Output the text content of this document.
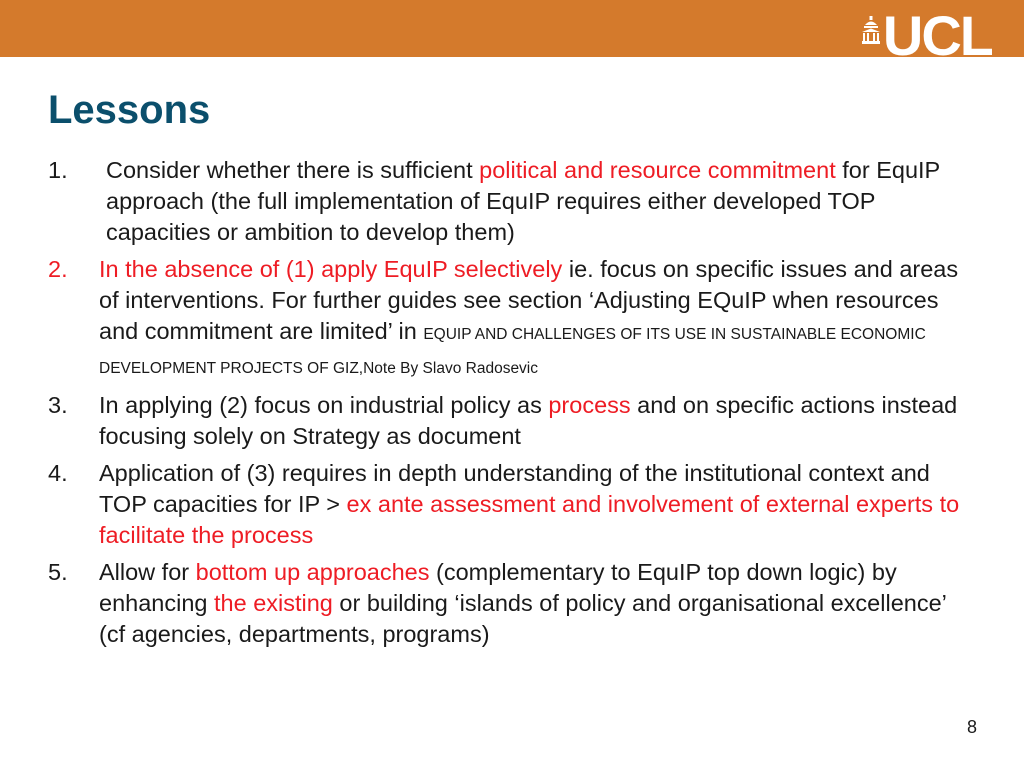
UCL
Lessons
1. Consider whether there is sufficient political and resource commitment for EquIP approach (the full implementation of EquIP requires either developed TOP capacities or ambition to develop them)
2. In the absence of (1) apply EquIP selectively ie. focus on specific issues and areas of interventions. For further guides see section ‘Adjusting EQuIP when resources and commitment are limited’ in EQUIP AND CHALLENGES OF ITS USE IN SUSTAINABLE ECONOMIC DEVELOPMENT PROJECTS OF GIZ,Note By Slavo Radosevic
3. In applying (2) focus on industrial policy as process and on specific actions instead focusing solely on Strategy as document
4. Application of (3) requires in depth understanding of the institutional context and TOP capacities for IP > ex ante assessment and involvement of external experts to facilitate the process
5. Allow for bottom up approaches (complementary to EquIP top down logic) by enhancing the existing or building ‘islands of policy and organisational excellence’ (cf agencies, departments, programs)
8
